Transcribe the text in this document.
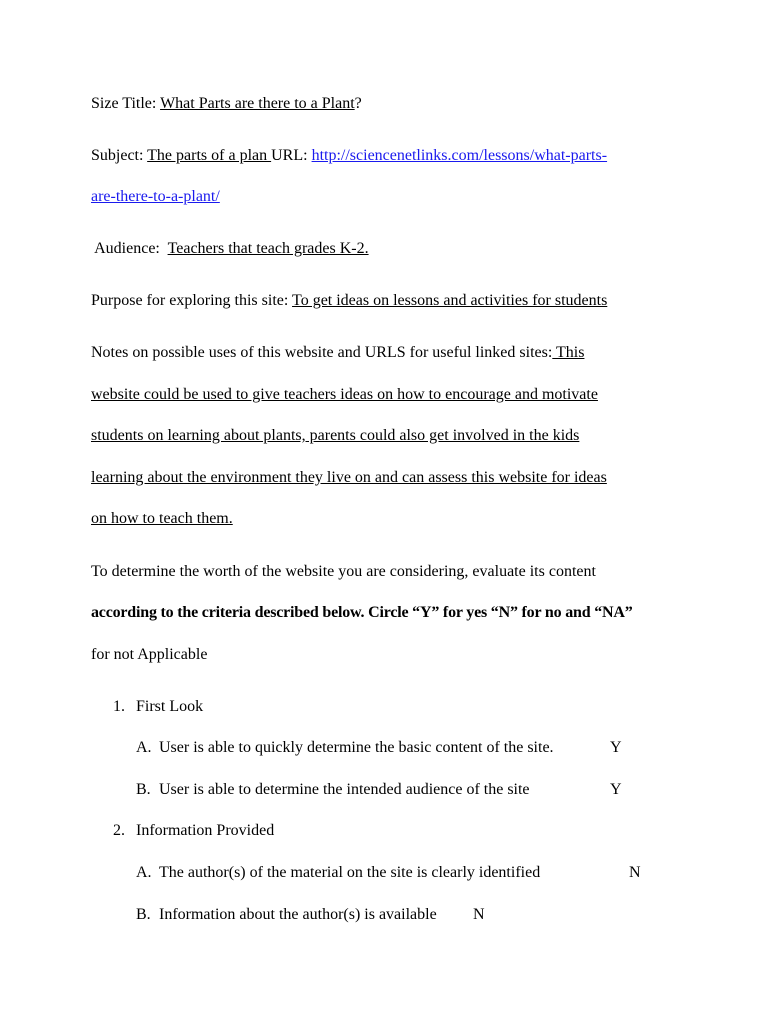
Size Title: What Parts are there to a Plant?
Subject: The parts of a plan URL: http://sciencenetlinks.com/lessons/what-parts-
are-there-to-a-plant/
Audience:  Teachers that teach grades K-2.
Purpose for exploring this site: To get ideas on lessons and activities for students
Notes on possible uses of this website and URLS for useful linked sites: This
website could be used to give teachers ideas on how to encourage and motivate
students on learning about plants, parents could also get involved in the kids
learning about the environment they live on and can assess this website for ideas
on how to teach them.
To determine the worth of the website you are considering, evaluate its content
according to the criteria described below. Circle “Y” for yes “N” for no and “NA”
for not Applicable
1. First Look
A. User is able to quickly determine the basic content of the site.	Y
B. User is able to determine the intended audience of the site	Y
2. Information Provided
A. The author(s) of the material on the site is clearly identified	N
B. Information about the author(s) is available N
